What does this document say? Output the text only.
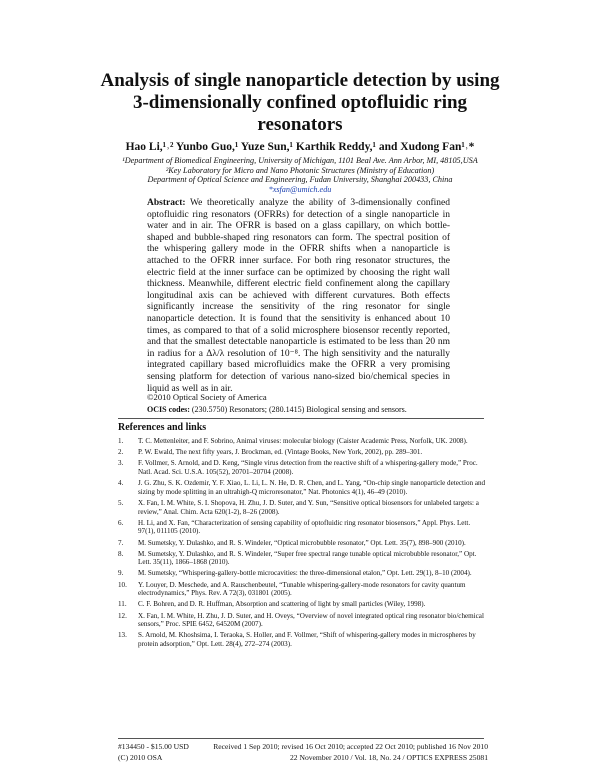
Analysis of single nanoparticle detection by using 3-dimensionally confined optofluidic ring resonators
Hao Li,¹˒² Yunbo Guo,¹ Yuze Sun,¹ Karthik Reddy,¹ and Xudong Fan¹˒*
¹Department of Biomedical Engineering, University of Michigan, 1101 Beal Ave. Ann Arbor, MI, 48105,USA
²Key Laboratory for Micro and Nano Photonic Structures (Ministry of Education)
Department of Optical Science and Engineering, Fudan University, Shanghai 200433, China
*xsfan@umich.edu
Abstract: We theoretically analyze the ability of 3-dimensionally confined optofluidic ring resonators (OFRRs) for detection of a single nanoparticle in water and in air. The OFRR is based on a glass capillary, on which bottle-shaped and bubble-shaped ring resonators can form. The spectral position of the whispering gallery mode in the OFRR shifts when a nanoparticle is attached to the OFRR inner surface. For both ring resonator structures, the electric field at the inner surface can be optimized by choosing the right wall thickness. Meanwhile, different electric field confinement along the capillary longitudinal axis can be achieved with different curvatures. Both effects significantly increase the sensitivity of the ring resonator for single nanoparticle detection. It is found that the sensitivity is enhanced about 10 times, as compared to that of a solid microsphere biosensor recently reported, and that the smallest detectable nanoparticle is estimated to be less than 20 nm in radius for a Δλ/λ resolution of 10⁻⁸. The high sensitivity and the naturally integrated capillary based microfluidics make the OFRR a very promising sensing platform for detection of various nano-sized bio/chemical species in liquid as well as in air.
©2010 Optical Society of America
OCIS codes: (230.5750) Resonators; (280.1415) Biological sensing and sensors.
References and links
1.	T. C. Mettenleiter, and F. Sobrino, Animal viruses: molecular biology (Caister Academic Press, Norfolk, UK. 2008).
2.	P. W. Ewald, The next fifty years, J. Brockman, ed. (Vintage Books, New York, 2002), pp. 289–301.
3.	F. Vollmer, S. Arnold, and D. Keng, “Single virus detection from the reactive shift of a whispering-gallery mode,” Proc. Natl. Acad. Sci. U.S.A. 105(52), 20701–20704 (2008).
4.	J. G. Zhu, S. K. Ozdemir, Y. F. Xiao, L. Li, L. N. He, D. R. Chen, and L. Yang, “On-chip single nanoparticle detection and sizing by mode splitting in an ultrahigh-Q microresonator,” Nat. Photonics 4(1), 46–49 (2010).
5.	X. Fan, I. M. White, S. I. Shopova, H. Zhu, J. D. Suter, and Y. Sun, “Sensitive optical biosensors for unlabeled targets: a review,” Anal. Chim. Acta 620(1-2), 8–26 (2008).
6.	H. Li, and X. Fan, “Characterization of sensing capability of optofluidic ring resonator biosensors,” Appl. Phys. Lett. 97(1), 011105 (2010).
7.	M. Sumetsky, Y. Dulashko, and R. S. Windeler, “Optical microbubble resonator,” Opt. Lett. 35(7), 898–900 (2010).
8.	M. Sumetsky, Y. Dulashko, and R. S. Windeler, “Super free spectral range tunable optical microbubble resonator,” Opt. Lett. 35(11), 1866–1868 (2010).
9.	M. Sumetsky, “Whispering-gallery-bottle microcavities: the three-dimensional etalon,” Opt. Lett. 29(1), 8–10 (2004).
10.	Y. Louyer, D. Meschede, and A. Rauschenbeutel, “Tunable whispering-gallery-mode resonators for cavity quantum electrodynamics,” Phys. Rev. A 72(3), 031801 (2005).
11.	C. F. Bohren, and D. R. Huffman, Absorption and scattering of light by small particles (Wiley, 1998).
12.	X. Fan, I. M. White, H. Zhu, J. D. Suter, and H. Oveys, “Overview of novel integrated optical ring resonator bio/chemical sensors,” Proc. SPIE 6452, 64520M (2007).
13.	S. Arnold, M. Khoshsima, I. Teraoka, S. Holler, and F. Vollmer, “Shift of whispering-gallery modes in microspheres by protein adsorption,” Opt. Lett. 28(4), 272–274 (2003).
#134450 - $15.00 USD	Received 1 Sep 2010; revised 16 Oct 2010; accepted 22 Oct 2010; published 16 Nov 2010
(C) 2010 OSA	22 November 2010 / Vol. 18, No. 24 / OPTICS EXPRESS 25081
